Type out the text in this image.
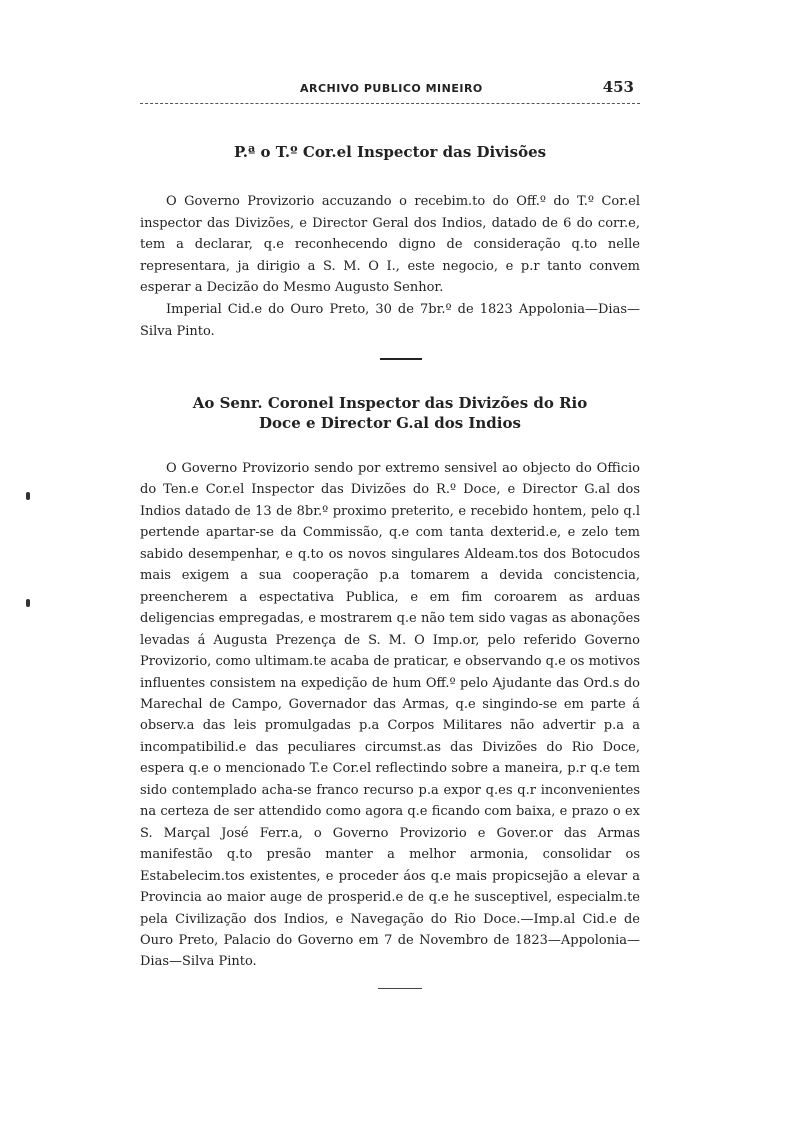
ARCHIVO PUBLICO MINEIRO	453
P.ª o T.º Cor.el Inspector das Divisões

O Governo Provizorio accuzando o recebim.to do Off.º do T.º Cor.el inspector das Divizões, e Director Geral dos Indios, datado de 6 do corr.e, tem a declarar, q.e reconhecendo digno de consideração q.to nelle representara, ja dirigio a S. M. O I., este negocio, e p.r tanto convem esperar a Decizão do Mesmo Augusto Senhor.

Imperial Cid.e do Ouro Preto, 30 de 7br.º de 1823 Appolonia—Dias—Silva Pinto.

Ao Senr. Coronel Inspector das Divizões do Rio
Doce e Director G.al dos Indios

O Governo Provizorio sendo por extremo sensivel ao objecto do Officio do Ten.e Cor.el Inspector das Divizões do R.º Doce, e Director G.al dos Indios datado de 13 de 8br.º proximo preterito, e recebido hontem, pelo q.l pertende apartar-se da Commissão, q.e com tanta dexterid.e, e zelo tem sabido desempenhar, e q.to os novos singulares Aldeam.tos dos Botocudos mais exigem a sua cooperação p.a tomarem a devida concistencia, preencherem a espectativa Publica, e em fim coroarem as arduas deligencias empregadas, e mostrarem q.e não tem sido vagas as abonações levadas á Augusta Prezença de S. M. O Imp.or, pelo referido Governo Provizorio, como ultimam.te acaba de praticar, e observando q.e os motivos influentes consistem na expedição de hum Off.º pelo Ajudante das Ord.s do Marechal de Campo, Governador das Armas, q.e singindo-se em parte á observ.a das leis promulgadas p.a Corpos Militares não advertir p.a a incompatibilid.e das peculiares circumst.as das Divizões do Rio Doce, espera q.e o mencionado T.e Cor.el reflectindo sobre a maneira, p.r q.e tem sido contemplado acha-se franco recurso p.a expor q.es q.r inconvenientes na certeza de ser attendido como agora q.e ficando com baixa, e prazo o ex S. Marçal José Ferr.a, o Governo Provizorio e Gover.or das Armas manifestão q.to presão manter a melhor armonia, consolidar os Estabelecim.tos existentes, e proceder áos q.e mais propicsejão a elevar a Provincia ao maior auge de prosperid.e de q.e he susceptivel, especialm.te pela Civilização dos Indios, e Navegação do Rio Doce.—Imp.al Cid.e de Ouro Preto, Palacio do Governo em 7 de Novembro de 1823—Appolonia—Dias—Silva Pinto.
